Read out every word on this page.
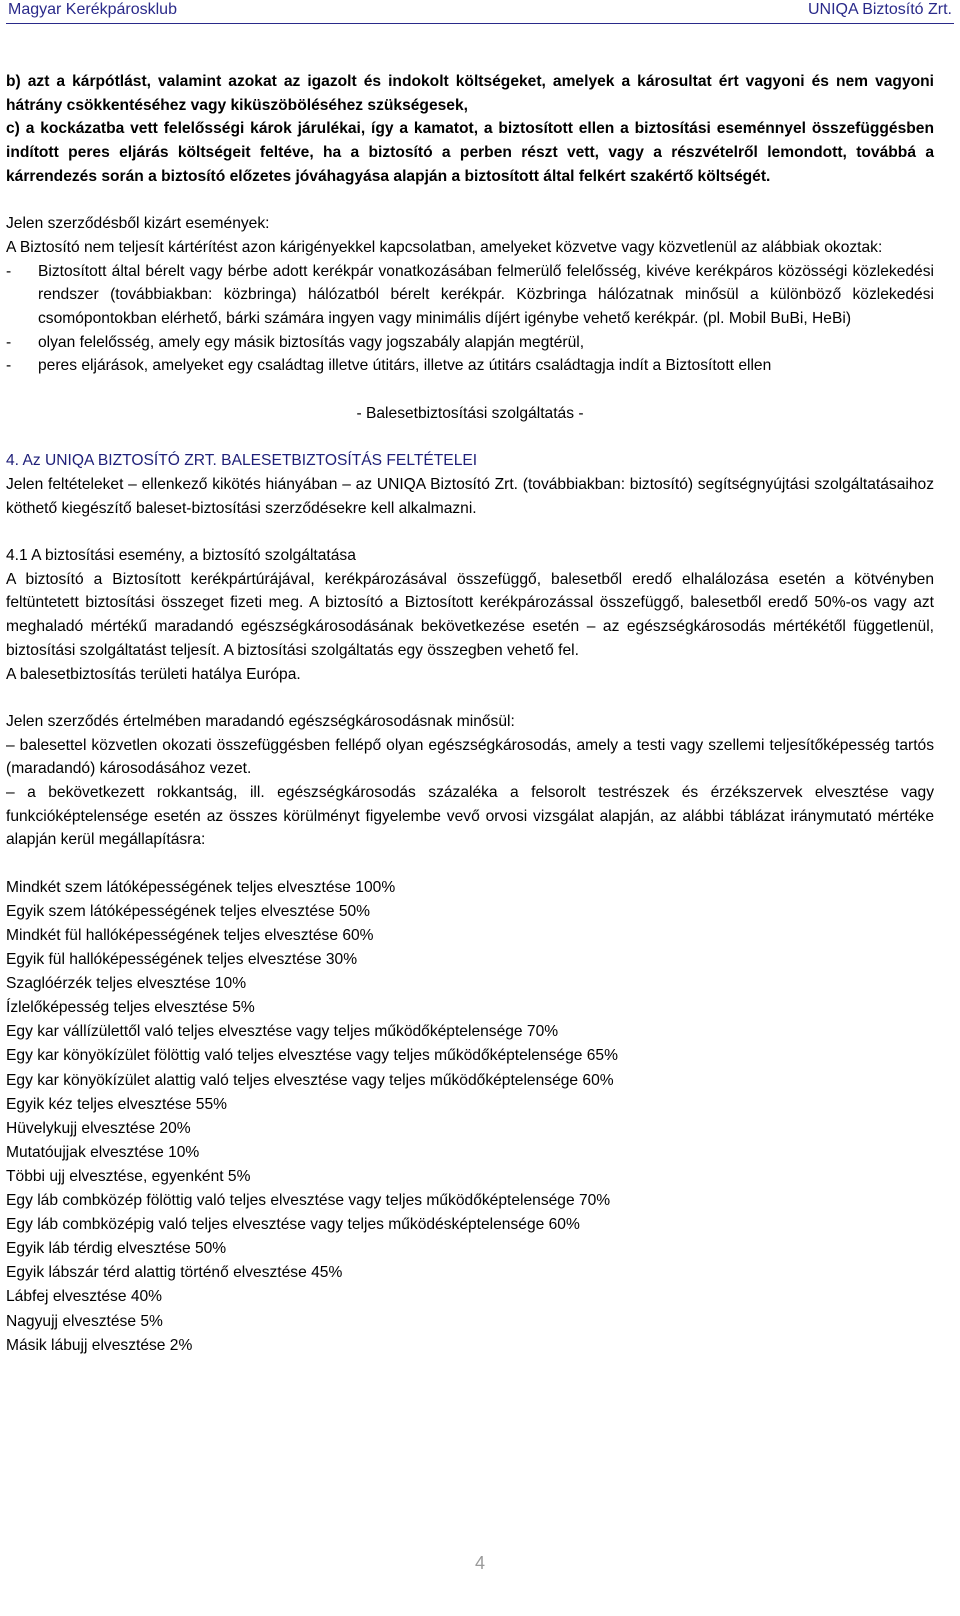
Magyar Kerékpárosklub	UNIQA Biztosító Zrt.

b) azt a kárpótlást, valamint azokat az igazolt és indokolt költségeket, amelyek a károsultat ért vagyoni és nem vagyoni hátrány csökkentéséhez vagy kiküszöböléséhez szükségesek,

c) a kockázatba vett felelősségi károk járulékai, így a kamatot, a biztosított ellen a biztosítási eseménnyel összefüggésben indított peres eljárás költségeit feltéve, ha a biztosító a perben részt vett, vagy a részvételről lemondott, továbbá a kárrendezés során a biztosító előzetes jóváhagyása alapján a biztosított által felkért szakértő költségét.

Jelen szerződésből kizárt események:

A Biztosító nem teljesít kártérítést azon kárigényekkel kapcsolatban, amelyeket közvetve vagy közvetlenül az alábbiak okoztak:

-	Biztosított által bérelt vagy bérbe adott kerékpár vonatkozásában felmerülő felelősség, kivéve kerékpáros közösségi közlekedési rendszer (továbbiakban: közbringa) hálózatból bérelt kerékpár. Közbringa hálózatnak minősül a különböző közlekedési csomópontokban elérhető, bárki számára ingyen vagy minimális díjért igénybe vehető kerékpár. (pl. Mobil BuBi, HeBi)
-	olyan felelősség, amely egy másik biztosítás vagy jogszabály alapján megtérül,
-	peres eljárások, amelyeket egy családtag illetve útitárs, illetve az útitárs családtagja indít a Biztosított ellen

- Balesetbiztosítási szolgáltatás -

4. Az UNIQA BIZTOSÍTÓ ZRT. BALESETBIZTOSÍTÁS FELTÉTELEI

Jelen feltételeket – ellenkező kikötés hiányában – az UNIQA Biztosító Zrt. (továbbiakban: biztosító) segítségnyújtási szolgáltatásaihoz köthető kiegészítő baleset-biztosítási szerződésekre kell alkalmazni.

4.1 A biztosítási esemény, a biztosító szolgáltatása

A biztosító a Biztosított kerékpártúrájával, kerékpározásával összefüggő, balesetből eredő elhalálozása esetén a kötvényben feltüntetett biztosítási összeget fizeti meg. A biztosító a Biztosított kerékpározással összefüggő, balesetből eredő 50%-os vagy azt meghaladó mértékű maradandó egészségkárosodásának bekövetkezése esetén – az egészségkárosodás mértékétől függetlenül, biztosítási szolgáltatást teljesít. A biztosítási szolgáltatás egy összegben vehető fel.

A balesetbiztosítás területi hatálya Európa.

Jelen szerződés értelmében maradandó egészségkárosodásnak minősül:

– balesettel közvetlen okozati összefüggésben fellépő olyan egészségkárosodás, amely a testi vagy szellemi teljesítőképesség tartós (maradandó) károsodásához vezet.

– a bekövetkezett rokkantság, ill. egészségkárosodás százaléka a felsorolt testrészek és érzékszervek elvesztése vagy funkcióképtelensége esetén az összes körülményt figyelembe vevő orvosi vizsgálat alapján, az alábbi táblázat iránymutató mértéke alapján kerül megállapításra:

Mindkét szem látóképességének teljes elvesztése 100%

Egyik szem látóképességének teljes elvesztése 50%

Mindkét fül hallóképességének teljes elvesztése 60%

Egyik fül hallóképességének teljes elvesztése 30%

Szaglóérzék teljes elvesztése 10%

Ízlelőképesség teljes elvesztése 5%

Egy kar vállízülettől való teljes elvesztése vagy teljes működőképtelensége 70%

Egy kar könyökízület fölöttig való teljes elvesztése vagy teljes működőképtelensége 65%

Egy kar könyökízület alattig való teljes elvesztése vagy teljes működőképtelensége 60%

Egyik kéz teljes elvesztése 55%

Hüvelykujj elvesztése 20%

Mutatóujjak elvesztése 10%

Többi ujj elvesztése, egyenként 5%

Egy láb combközép fölöttig való teljes elvesztése vagy teljes működőképtelensége 70%

Egy láb combközépig való teljes elvesztése vagy teljes működésképtelensége 60%

Egyik láb térdig elvesztése 50%

Egyik lábszár térd alattig történő elvesztése 45%

Lábfej elvesztése 40%

Nagyujj elvesztése 5%

Másik lábujj elvesztése 2%

4
